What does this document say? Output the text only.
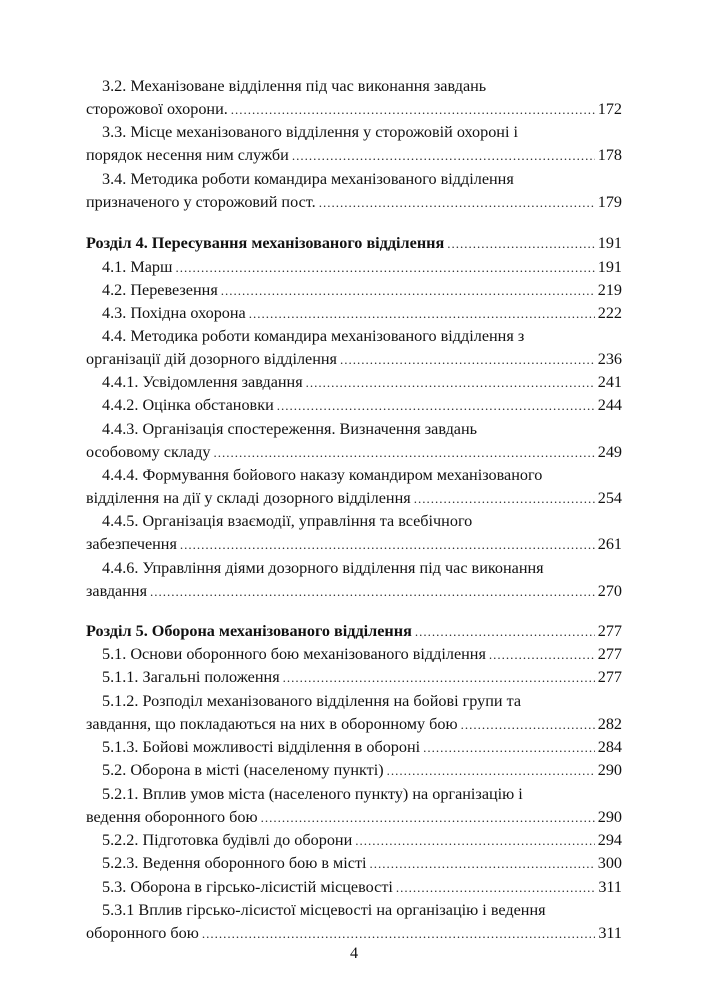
3.2. Механізоване відділення під час виконання завдань
сторожової охорони. .....	172
3.3. Місце механізованого відділення у сторожовій охороні і
порядок несення ним служби .....	178
3.4. Методика роботи командира механізованого відділення
призначеного у сторожовий пост. .....	179
Розділ 4. Пересування механізованого відділення .....	191
4.1. Марш .....	191
4.2. Перевезення .....	219
4.3. Похідна охорона .....	222
4.4. Методика роботи командира механізованого відділення з
організації дій дозорного відділення .....	236
4.4.1. Усвідомлення завдання .....	241
4.4.2. Оцінка обстановки .....	244
4.4.3. Організація спостереження. Визначення завдань
особовому складу .....	249
4.4.4. Формування бойового наказу командиром механізованого
відділення на дії у складі дозорного відділення .....	254
4.4.5. Організація взаємодії, управління та всебічного
забезпечення .....	261
4.4.6. Управління діями дозорного відділення під час виконання
завдання .....	270
Розділ 5. Оборона механізованого відділення .....	277
5.1. Основи оборонного бою механізованого відділення .....	277
5.1.1. Загальні положення .....	277
5.1.2. Розподіл механізованого відділення на бойові групи та
завдання, що покладаються на них в оборонному бою .....	282
5.1.3. Бойові можливості відділення в обороні .....	284
5.2. Оборона в місті (населеному пункті) .....	290
5.2.1. Вплив умов міста (населеного пункту) на організацію і
ведення оборонного бою .....	290
5.2.2. Підготовка будівлі до оборони .....	294
5.2.3. Ведення оборонного бою в місті .....	300
5.3. Оборона в гірсько-лісистій місцевості .....	311
5.3.1 Вплив гірсько-лісистої місцевості на організацію і ведення
оборонного бою .....	311
4
